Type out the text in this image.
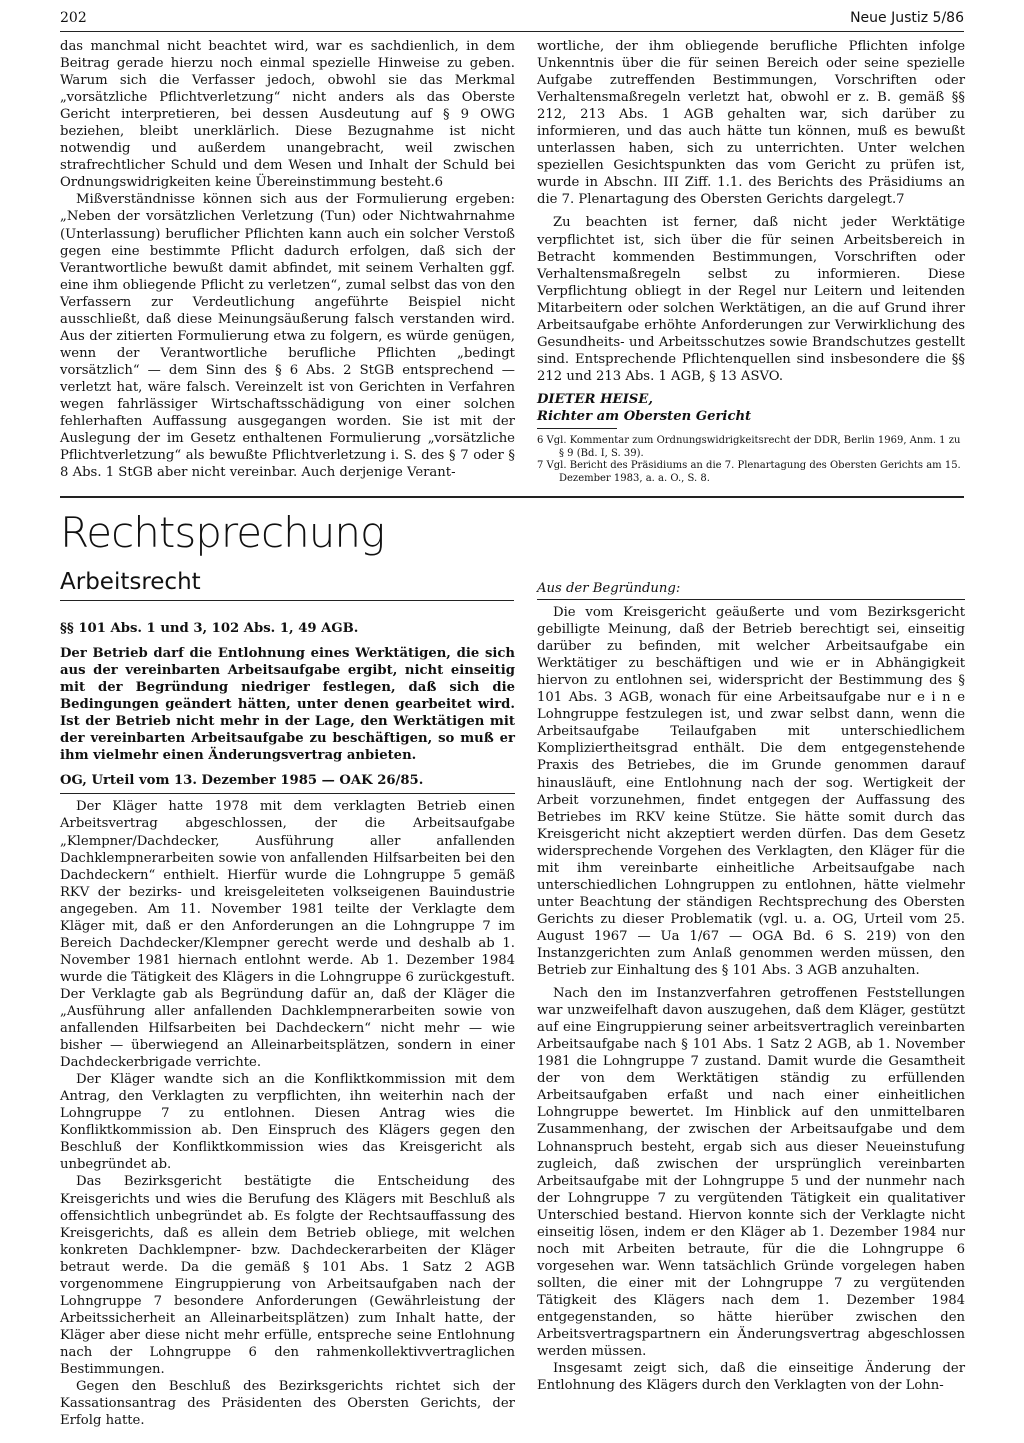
202	Neue Justiz 5/86

das manchmal nicht beachtet wird, war es sachdienlich, in dem Beitrag gerade hierzu noch einmal spezielle Hinweise zu geben. Warum sich die Verfasser jedoch, obwohl sie das Merkmal „vorsätzliche Pflichtverletzung“ nicht anders als das Oberste Gericht interpretieren, bei dessen Ausdeutung auf § 9 OWG beziehen, bleibt unerklärlich. Diese Bezugnahme ist nicht notwendig und außerdem unangebracht, weil zwischen strafrechtlicher Schuld und dem Wesen und Inhalt der Schuld bei Ordnungswidrigkeiten keine Übereinstimmung besteht.6

Mißverständnisse können sich aus der Formulierung ergeben: „Neben der vorsätzlichen Verletzung (Tun) oder Nichtwahrnahme (Unterlassung) beruflicher Pflichten kann auch ein solcher Verstoß gegen eine bestimmte Pflicht dadurch erfolgen, daß sich der Verantwortliche bewußt damit abfindet, mit seinem Verhalten ggf. eine ihm obliegende Pflicht zu verletzen“, zumal selbst das von den Verfassern zur Verdeutlichung angeführte Beispiel nicht ausschließt, daß diese Meinungsäußerung falsch verstanden wird. Aus der zitierten Formulierung etwa zu folgern, es würde genügen, wenn der Verantwortliche berufliche Pflichten „bedingt vorsätzlich“ — dem Sinn des § 6 Abs. 2 StGB entsprechend — verletzt hat, wäre falsch. Vereinzelt ist von Gerichten in Verfahren wegen fahrlässiger Wirtschaftsschädigung von einer solchen fehlerhaften Auffassung ausgegangen worden. Sie ist mit der Auslegung der im Gesetz enthaltenen Formulierung „vorsätzliche Pflichtverletzung“ als bewußte Pflichtverletzung i. S. des § 7 oder § 8 Abs. 1 StGB aber nicht vereinbar. Auch derjenige Verant-

wortliche, der ihm obliegende berufliche Pflichten infolge Unkenntnis über die für seinen Bereich oder seine spezielle Aufgabe zutreffenden Bestimmungen, Vorschriften oder Verhaltensmaßregeln verletzt hat, obwohl er z. B. gemäß §§ 212, 213 Abs. 1 AGB gehalten war, sich darüber zu informieren, und das auch hätte tun können, muß es bewußt unterlassen haben, sich zu unterrichten. Unter welchen speziellen Gesichtspunkten das vom Gericht zu prüfen ist, wurde in Abschn. III Ziff. 1.1. des Berichts des Präsidiums an die 7. Plenartagung des Obersten Gerichts dargelegt.7

Zu beachten ist ferner, daß nicht jeder Werktätige verpflichtet ist, sich über die für seinen Arbeitsbereich in Betracht kommenden Bestimmungen, Vorschriften oder Verhaltensmaßregeln selbst zu informieren. Diese Verpflichtung obliegt in der Regel nur Leitern und leitenden Mitarbeitern oder solchen Werktätigen, an die auf Grund ihrer Arbeitsaufgabe erhöhte Anforderungen zur Verwirklichung des Gesundheits- und Arbeitsschutzes sowie Brandschutzes gestellt sind. Entsprechende Pflichtenquellen sind insbesondere die §§ 212 und 213 Abs. 1 AGB, § 13 ASVO.

DIETER HEISE,
Richter am Obersten Gericht
6 Vgl. Kommentar zum Ordnungswidrigkeitsrecht der DDR, Berlin 1969, Anm. 1 zu § 9 (Bd. I, S. 39).
7 Vgl. Bericht des Präsidiums an die 7. Plenartagung des Obersten Gerichts am 15. Dezember 1983, a. a. O., S. 8.
Rechtsprechung
Arbeitsrecht

§§ 101 Abs. 1 und 3, 102 Abs. 1, 49 AGB.

Der Betrieb darf die Entlohnung eines Werktätigen, die sich aus der vereinbarten Arbeitsaufgabe ergibt, nicht einseitig mit der Begründung niedriger festlegen, daß sich die Bedingungen geändert hätten, unter denen gearbeitet wird. Ist der Betrieb nicht mehr in der Lage, den Werktätigen mit der vereinbarten Arbeitsaufgabe zu beschäftigen, so muß er ihm vielmehr einen Änderungsvertrag anbieten.

OG, Urteil vom 13. Dezember 1985 — OAK 26/85.

Der Kläger hatte 1978 mit dem verklagten Betrieb einen Arbeitsvertrag abgeschlossen, der die Arbeitsaufgabe „Klempner/Dachdecker, Ausführung aller anfallenden Dachklempnerarbeiten sowie von anfallenden Hilfsarbeiten bei den Dachdeckern“ enthielt. Hierfür wurde die Lohngruppe 5 gemäß RKV der bezirks- und kreisgeleiteten volkseigenen Bauindustrie angegeben. Am 11. November 1981 teilte der Verklagte dem Kläger mit, daß er den Anforderungen an die Lohngruppe 7 im Bereich Dachdecker/Klempner gerecht werde und deshalb ab 1. November 1981 hiernach entlohnt werde. Ab 1. Dezember 1984 wurde die Tätigkeit des Klägers in die Lohngruppe 6 zurückgestuft. Der Verklagte gab als Begründung dafür an, daß der Kläger die „Ausführung aller anfallenden Dachklempnerarbeiten sowie von anfallenden Hilfsarbeiten bei Dachdeckern“ nicht mehr — wie bisher — überwiegend an Alleinarbeitsplätzen, sondern in einer Dachdeckerbrigade verrichte.

Der Kläger wandte sich an die Konfliktkommission mit dem Antrag, den Verklagten zu verpflichten, ihn weiterhin nach der Lohngruppe 7 zu entlohnen. Diesen Antrag wies die Konfliktkommission ab. Den Einspruch des Klägers gegen den Beschluß der Konfliktkommission wies das Kreisgericht als unbegründet ab.

Das Bezirksgericht bestätigte die Entscheidung des Kreisgerichts und wies die Berufung des Klägers mit Beschluß als offensichtlich unbegründet ab. Es folgte der Rechtsauffassung des Kreisgerichts, daß es allein dem Betrieb obliege, mit welchen konkreten Dachklempner- bzw. Dachdeckerarbeiten der Kläger betraut werde. Da die gemäß § 101 Abs. 1 Satz 2 AGB vorgenommene Eingruppierung von Arbeitsaufgaben nach der Lohngruppe 7 besondere Anforderungen (Gewährleistung der Arbeitssicherheit an Alleinarbeitsplätzen) zum Inhalt hatte, der Kläger aber diese nicht mehr erfülle, entspreche seine Entlohnung nach der Lohngruppe 6 den rahmenkollektivvertraglichen Bestimmungen.

Gegen den Beschluß des Bezirksgerichts richtet sich der Kassationsantrag des Präsidenten des Obersten Gerichts, der Erfolg hatte.

Aus der Begründung:

Die vom Kreisgericht geäußerte und vom Bezirksgericht gebilligte Meinung, daß der Betrieb berechtigt sei, einseitig darüber zu befinden, mit welcher Arbeitsaufgabe ein Werktätiger zu beschäftigen und wie er in Abhängigkeit hiervon zu entlohnen sei, widerspricht der Bestimmung des § 101 Abs. 3 AGB, wonach für eine Arbeitsaufgabe nur e i n e Lohngruppe festzulegen ist, und zwar selbst dann, wenn die Arbeitsaufgabe Teilaufgaben mit unterschiedlichem Kompliziertheitsgrad enthält. Die dem entgegenstehende Praxis des Betriebes, die im Grunde genommen darauf hinausläuft, eine Entlohnung nach der sog. Wertigkeit der Arbeit vorzunehmen, findet entgegen der Auffassung des Betriebes im RKV keine Stütze. Sie hätte somit durch das Kreisgericht nicht akzeptiert werden dürfen. Das dem Gesetz widersprechende Vorgehen des Verklagten, den Kläger für die mit ihm vereinbarte einheitliche Arbeitsaufgabe nach unterschiedlichen Lohngruppen zu entlohnen, hätte vielmehr unter Beachtung der ständigen Rechtsprechung des Obersten Gerichts zu dieser Problematik (vgl. u. a. OG, Urteil vom 25. August 1967 — Ua 1/67 — OGA Bd. 6 S. 219) von den Instanzgerichten zum Anlaß genommen werden müssen, den Betrieb zur Einhaltung des § 101 Abs. 3 AGB anzuhalten.

Nach den im Instanzverfahren getroffenen Feststellungen war unzweifelhaft davon auszugehen, daß dem Kläger, gestützt auf eine Eingruppierung seiner arbeitsvertraglich vereinbarten Arbeitsaufgabe nach § 101 Abs. 1 Satz 2 AGB, ab 1. November 1981 die Lohngruppe 7 zustand. Damit wurde die Gesamtheit der von dem Werktätigen ständig zu erfüllenden Arbeitsaufgaben erfaßt und nach einer einheitlichen Lohngruppe bewertet. Im Hinblick auf den unmittelbaren Zusammenhang, der zwischen der Arbeitsaufgabe und dem Lohnanspruch besteht, ergab sich aus dieser Neueinstufung zugleich, daß zwischen der ursprünglich vereinbarten Arbeitsaufgabe mit der Lohngruppe 5 und der nunmehr nach der Lohngruppe 7 zu vergütenden Tätigkeit ein qualitativer Unterschied bestand. Hiervon konnte sich der Verklagte nicht einseitig lösen, indem er den Kläger ab 1. Dezember 1984 nur noch mit Arbeiten betraute, für die die Lohngruppe 6 vorgesehen war. Wenn tatsächlich Gründe vorgelegen haben sollten, die einer mit der Lohngruppe 7 zu vergütenden Tätigkeit des Klägers nach dem 1. Dezember 1984 entgegenstanden, so hätte hierüber zwischen den Arbeitsvertragspartnern ein Änderungsvertrag abgeschlossen werden müssen.

Insgesamt zeigt sich, daß die einseitige Änderung der Entlohnung des Klägers durch den Verklagten von der Lohn-
